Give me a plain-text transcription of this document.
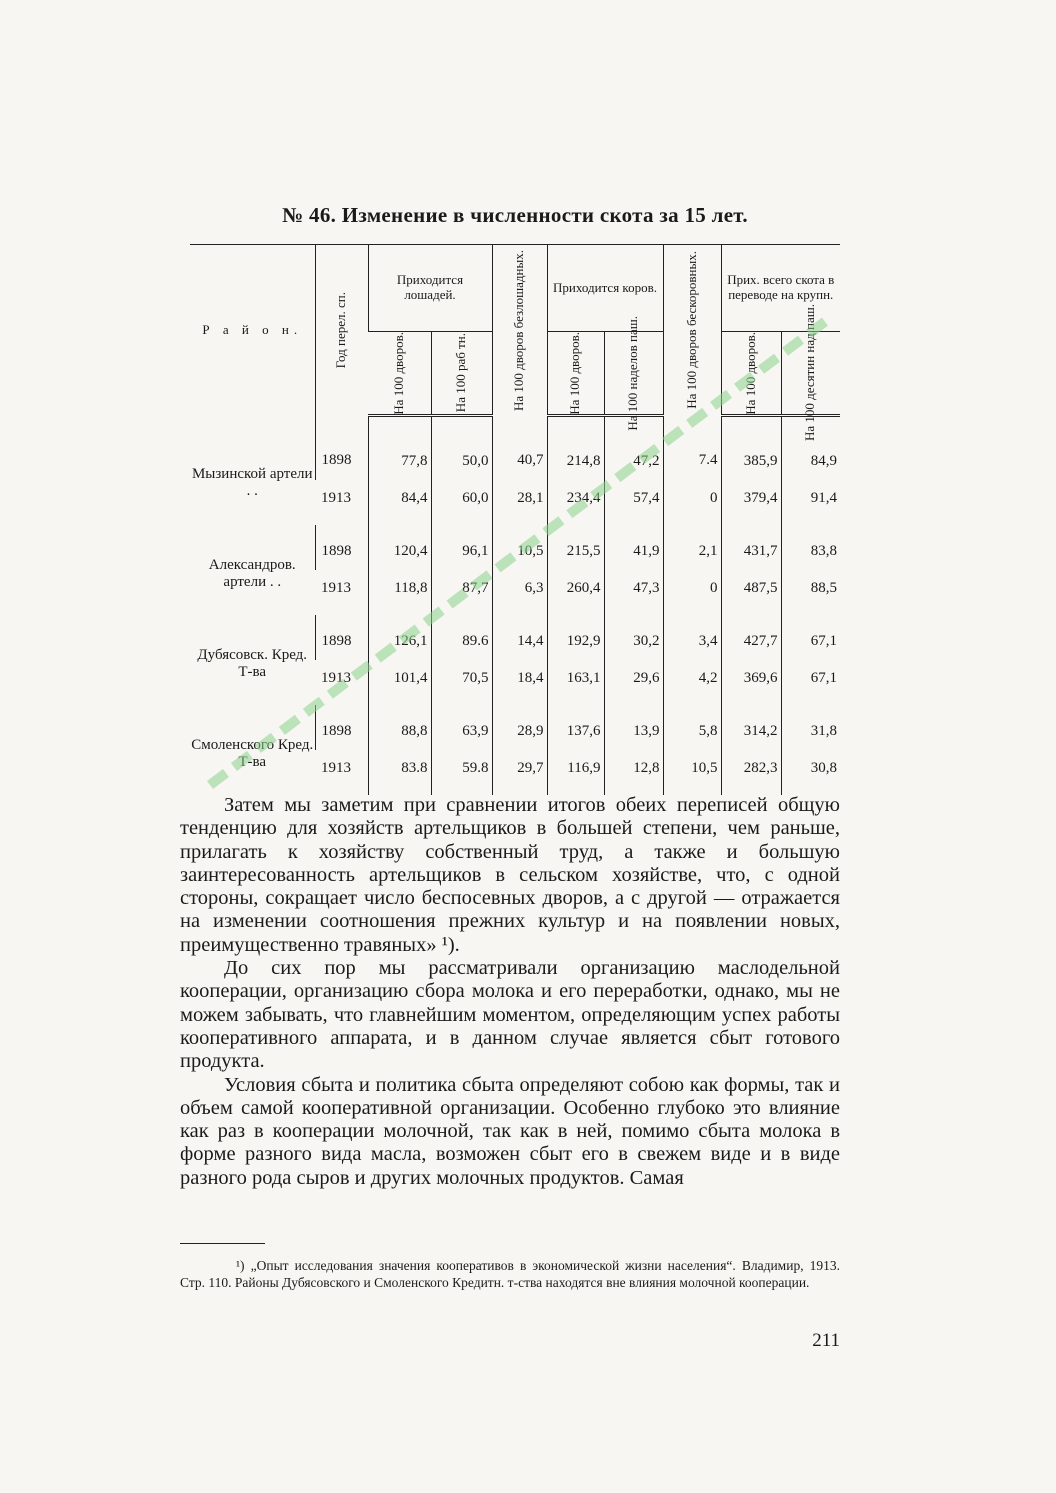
№ 46. Изменение в численности скота за 15 лет.
Р а й о н.	Год перел. сп.	Приходится лошадей.		На 100 дворов безлошадных.	Приходится коров.		На 100 дворов бескоровных.	Прих. всего скота в переводе на крупн.	

		На 100 дворов.	На 100 раб тн.		На 100 дворов.	На 100 наделов паш.		На 100 дворов.	На 100 десятин над.паш.

Мызинской артели . .	1898	77,8	50,0	40,7	214,8	47,2	7.4	385,9	84,9
	1913	84,4	60,0	28,1	234,4	57,4	0	379,4	91,4
Александров. артели . .	1898	120,4	96,1	10,5	215,5	41,9	2,1	431,7	83,8
	1913	118,8	87,7	6,3	260,4	47,3	0	487,5	88,5
Дубясовск. Кред. Т-ва	1898	126,1	89.6	14,4	192,9	30,2	3,4	427,7	67,1
	1913	101,4	70,5	18,4	163,1	29,6	4,2	369,6	67,1
Смоленского Кред. Т-ва	1898	88,8	63,9	28,9	137,6	13,9	5,8	314,2	31,8
	1913	83.8	59.8	29,7	116,9	12,8	10,5	282,3	30,8

Затем мы заметим при сравнении итогов обеих переписей общую тенденцию для хозяйств артельщиков в большей степени, чем раньше, прилагать к хозяйству собственный труд, а также и большую заинтересованность артельщиков в сельском хозяйстве, что, с одной стороны, сокращает число беспосевных дворов, а с другой — отражается на изменении соотношения прежних культур и на появлении новых, преимущественно травяных» ¹).

До сих пор мы рассматривали организацию маслодельной кооперации, организацию сбора молока и его переработки, однако, мы не можем забывать, что главнейшим моментом, определяющим успех работы кооперативного аппарата, и в данном случае является сбыт готового продукта.

Условия сбыта и политика сбыта определяют собою как формы, так и объем самой кооперативной организации. Особенно глубоко это влияние как раз в кооперации молочной, так как в ней, помимо сбыта молока в форме разного вида масла, возможен сбыт его в свежем виде и в виде разного рода сыров и других молочных продуктов. Самая

¹) „Опыт исследования значения кооперативов в экономической жизни населения“. Владимир, 1913. Стр. 110. Районы Дубясовского и Смоленского Кредитн. т-ства находятся вне влияния молочной кооперации.

211
